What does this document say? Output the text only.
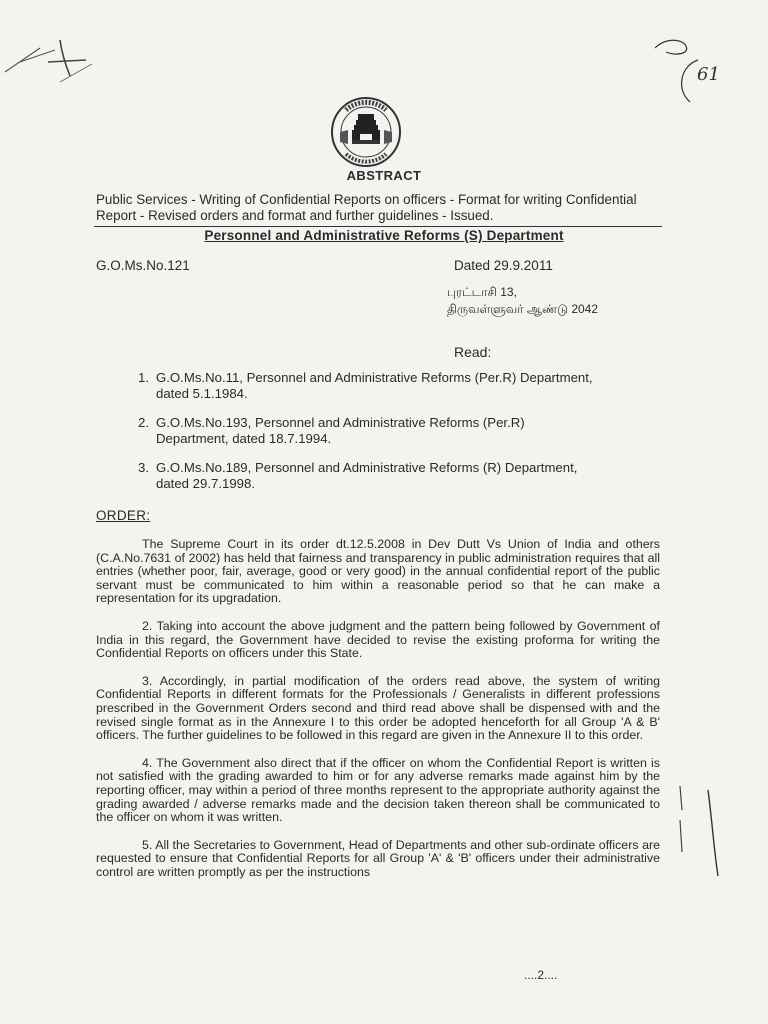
61
ABSTRACT
Public Services - Writing of Confidential Reports on officers - Format for writing Confidential Report - Revised orders and format and further guidelines - Issued.
Personnel and Administrative Reforms (S) Department
G.O.Ms.No.121	Dated 29.9.2011
புரட்டாசி 13,
திருவள்ளுவர் ஆண்டு 2042
Read:
1. G.O.Ms.No.11, Personnel and Administrative Reforms (Per.R) Department,
dated 5.1.1984.
2. G.O.Ms.No.193, Personnel and Administrative Reforms (Per.R)
Department, dated 18.7.1994.
3. G.O.Ms.No.189, Personnel and Administrative Reforms (R) Department,
dated 29.7.1998.
ORDER:

The Supreme Court in its order dt.12.5.2008 in Dev Dutt Vs Union of India and others (C.A.No.7631 of 2002) has held that fairness and transparency in public administration requires that all entries (whether poor, fair, average, good or very good) in the annual confidential report of the public servant must be communicated to him within a reasonable period so that he can make a representation for its upgradation.

2. Taking into account the above judgment and the pattern being followed by Government of India in this regard, the Government have decided to revise the existing proforma for writing the Confidential Reports on officers under this State.

3. Accordingly, in partial modification of the orders read above, the system of writing Confidential Reports in different formats for the Professionals / Generalists in different professions prescribed in the Government Orders second and third read above shall be dispensed with and the revised single format as in the Annexure I to this order be adopted henceforth for all Group 'A & B' officers. The further guidelines to be followed in this regard are given in the Annexure II to this order.

4. The Government also direct that if the officer on whom the Confidential Report is written is not satisfied with the grading awarded to him or for any adverse remarks made against him by the reporting officer, may within a period of three months represent to the appropriate authority against the grading awarded / adverse remarks made and the decision taken thereon shall be communicated to the officer on whom it was written.

5. All the Secretaries to Government, Head of Departments and other sub-ordinate officers are requested to ensure that Confidential Reports for all Group 'A' & 'B' officers under their administrative control are written promptly as per the instructions

....2....
